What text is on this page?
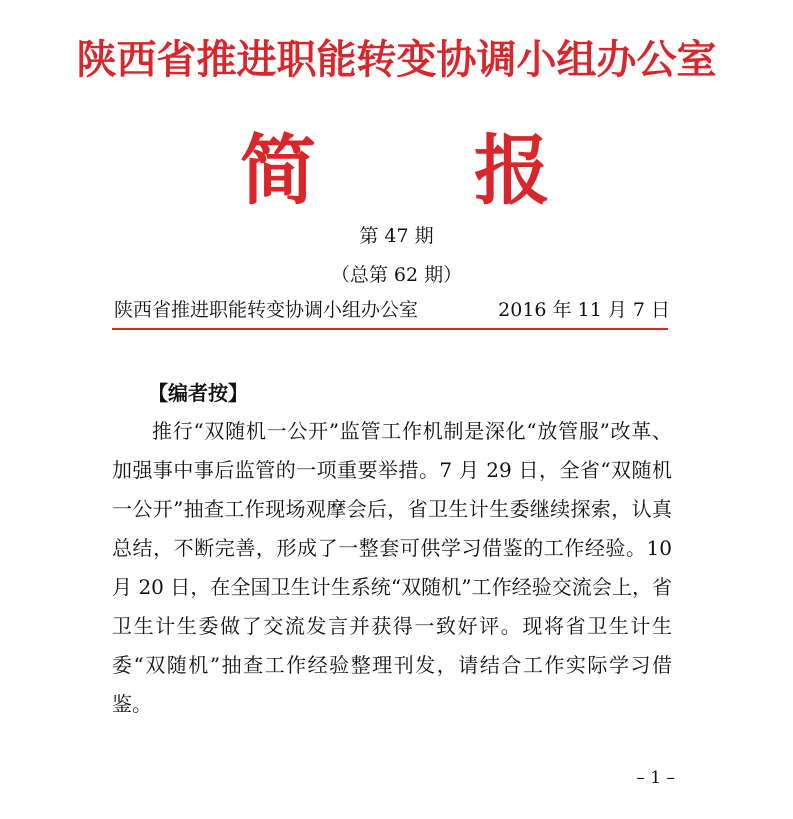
陕西省推进职能转变协调小组办公室
简 报
第 47 期
（总第 62 期）
陕西省推进职能转变协调小组办公室	2016 年 11 月 7 日
【编者按】

推行“双随机一公开”监管工作机制是深化“放管服”改革、加强事中事后监管的一项重要举措。7 月 29 日，全省“双随机一公开”抽查工作现场观摩会后，省卫生计生委继续探索，认真总结，不断完善，形成了一整套可供学习借鉴的工作经验。10 月 20 日，在全国卫生计生系统“双随机”工作经验交流会上，省卫生计生委做了交流发言并获得一致好评。现将省卫生计生委“双随机”抽查工作经验整理刊发，请结合工作实际学习借鉴。

– 1 –
